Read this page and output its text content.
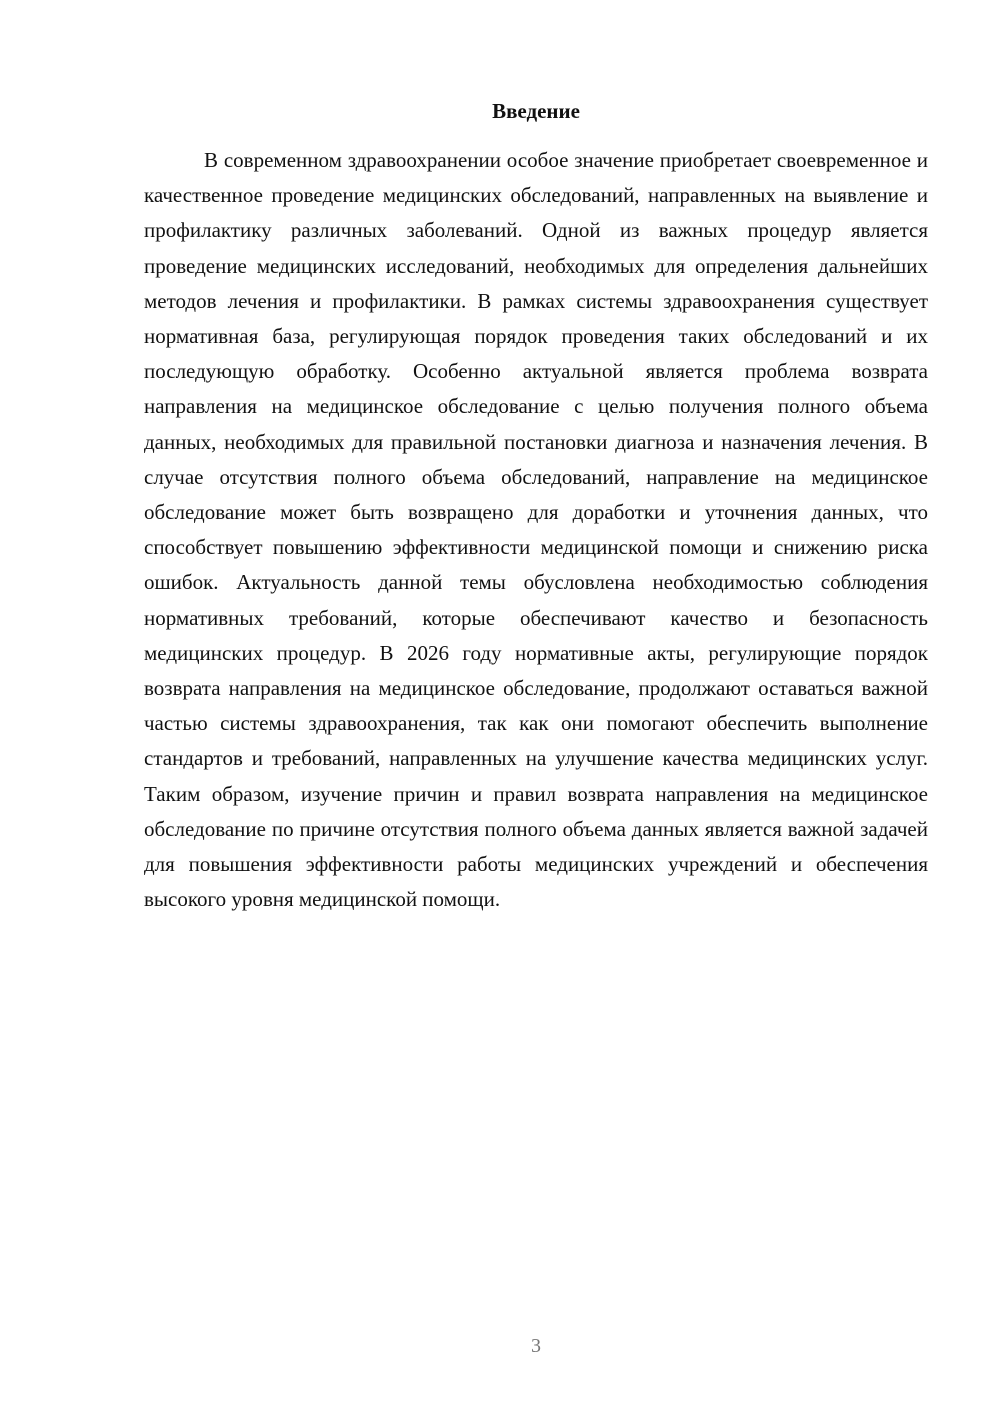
Введение

В современном здравоохранении особое значение приобретает своевременное и качественное проведение медицинских обследований, направленных на выявление и профилактику различных заболеваний. Одной из важных процедур является проведение медицинских исследований, необходимых для определения дальнейших методов лечения и профилактики. В рамках системы здравоохранения существует нормативная база, регулирующая порядок проведения таких обследований и их последующую обработку. Особенно актуальной является проблема возврата направления на медицинское обследование с целью получения полного объема данных, необходимых для правильной постановки диагноза и назначения лечения. В случае отсутствия полного объема обследований, направление на медицинское обследование может быть возвращено для доработки и уточнения данных, что способствует повышению эффективности медицинской помощи и снижению риска ошибок. Актуальность данной темы обусловлена необходимостью соблюдения нормативных требований, которые обеспечивают качество и безопасность медицинских процедур. В 2026 году нормативные акты, регулирующие порядок возврата направления на медицинское обследование, продолжают оставаться важной частью системы здравоохранения, так как они помогают обеспечить выполнение стандартов и требований, направленных на улучшение качества медицинских услуг. Таким образом, изучение причин и правил возврата направления на медицинское обследование по причине отсутствия полного объема данных является важной задачей для повышения эффективности работы медицинских учреждений и обеспечения высокого уровня медицинской помощи.

3
